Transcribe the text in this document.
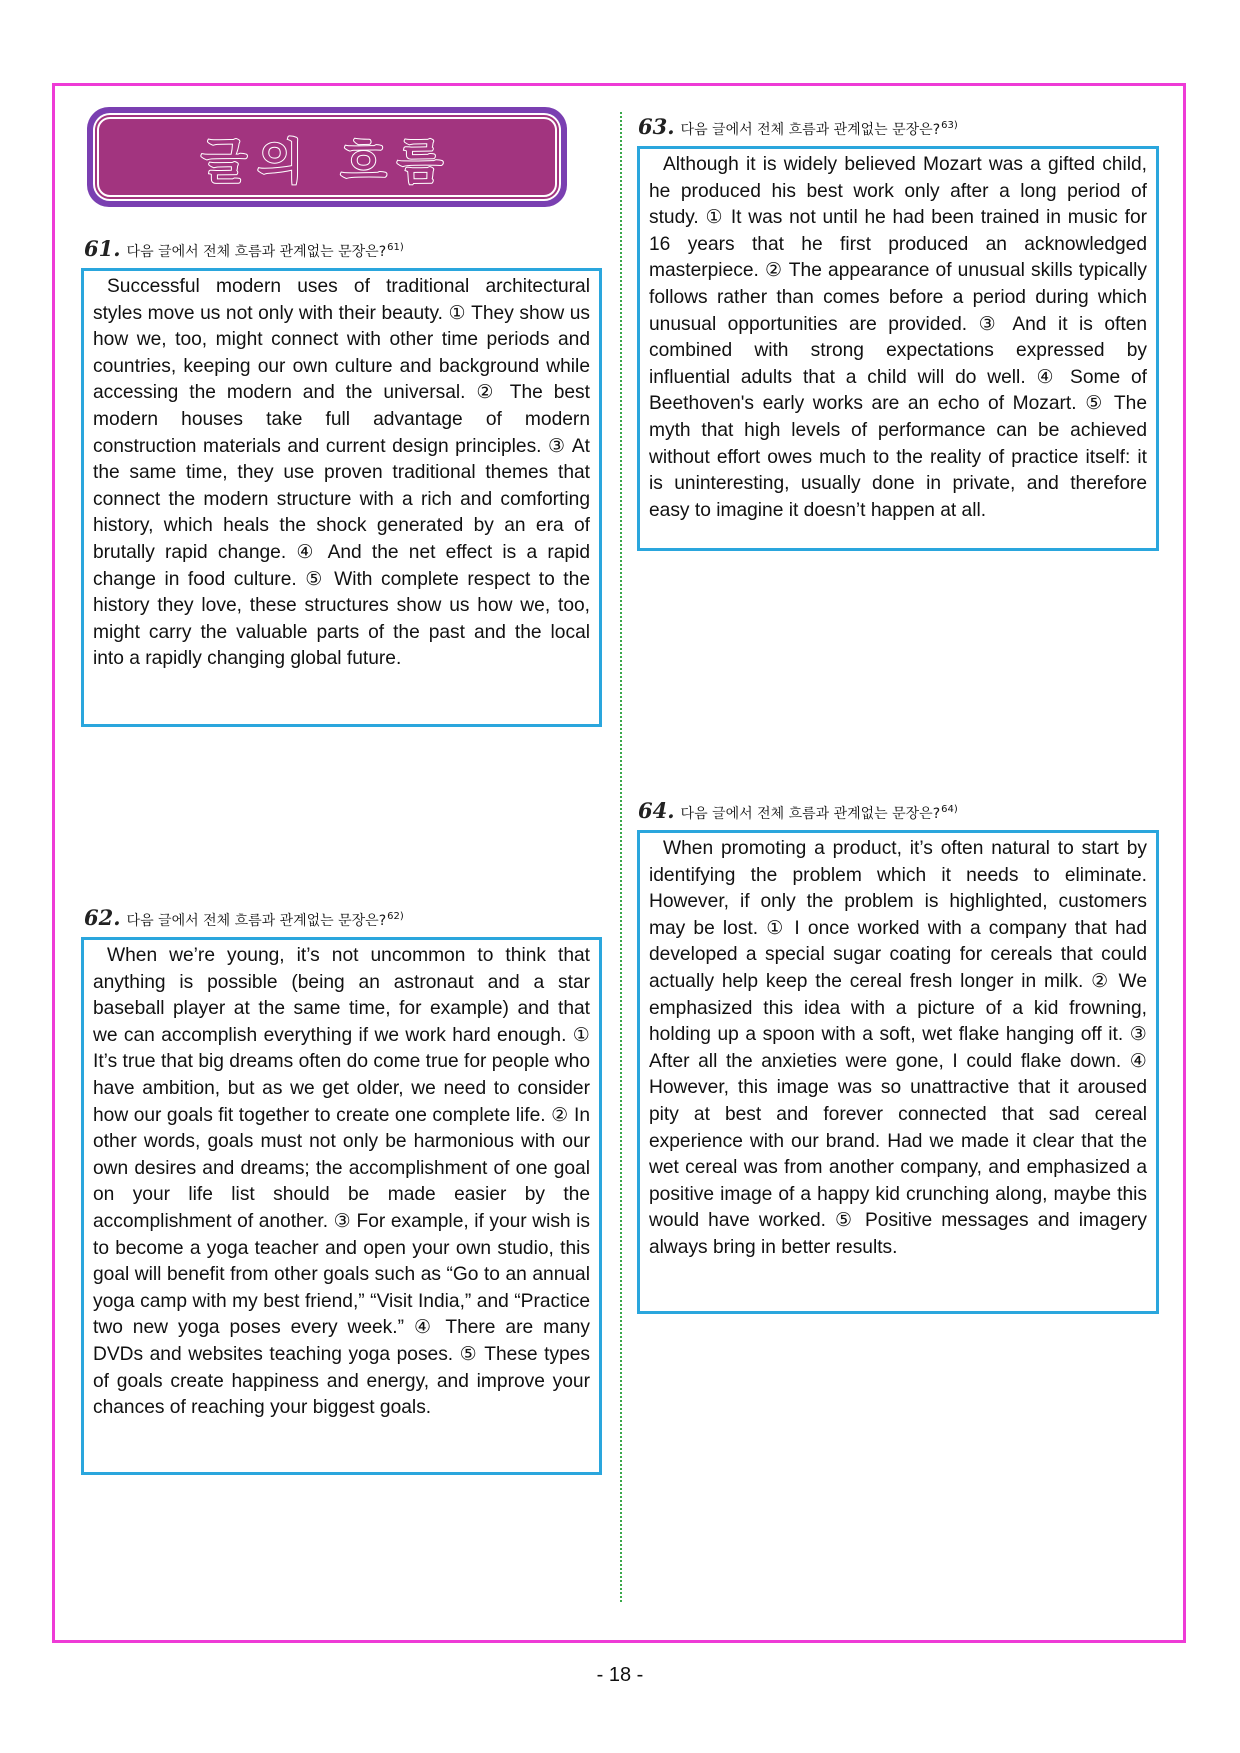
글의 흐름
61. 다음 글에서 전체 흐름과 관계없는 문장은? 61)

Successful modern uses of traditional architectural styles move us not only with their beauty. ① They show us how we, too, might connect with other time periods and countries, keeping our own culture and background while accessing the modern and the universal. ② The best modern houses take full advantage of modern construction materials and current design principles. ③ At the same time, they use proven traditional themes that connect the modern structure with a rich and comforting history, which heals the shock generated by an era of brutally rapid change. ④ And the net effect is a rapid change in food culture. ⑤ With complete respect to the history they love, these structures show us how we, too, might carry the valuable parts of the past and the local into a rapidly changing global future.

62. 다음 글에서 전체 흐름과 관계없는 문장은? 62)

When we’re young, it’s not uncommon to think that anything is possible (being an astronaut and a star baseball player at the same time, for example) and that we can accomplish everything if we work hard enough. ① It’s true that big dreams often do come true for people who have ambition, but as we get older, we need to consider how our goals fit together to create one complete life. ② In other words, goals must not only be harmonious with our own desires and dreams; the accomplishment of one goal on your life list should be made easier by the accomplishment of another. ③ For example, if your wish is to become a yoga teacher and open your own studio, this goal will benefit from other goals such as “Go to an annual yoga camp with my best friend,” “Visit India,” and “Practice two new yoga poses every week.” ④ There are many DVDs and websites teaching yoga poses. ⑤ These types of goals create happiness and energy, and improve your chances of reaching your biggest goals.

63. 다음 글에서 전체 흐름과 관계없는 문장은? 63)

Although it is widely believed Mozart was a gifted child, he produced his best work only after a long period of study. ① It was not until he had been trained in music for 16 years that he first produced an acknowledged masterpiece. ② The appearance of unusual skills typically follows rather than comes before a period during which unusual opportunities are provided. ③ And it is often combined with strong expectations expressed by influential adults that a child will do well. ④ Some of Beethoven's early works are an echo of Mozart. ⑤ The myth that high levels of performance can be achieved without effort owes much to the reality of practice itself: it is uninteresting, usually done in private, and therefore easy to imagine it doesn’t happen at all.

64. 다음 글에서 전체 흐름과 관계없는 문장은? 64)

When promoting a product, it’s often natural to start by identifying the problem which it needs to eliminate. However, if only the problem is highlighted, customers may be lost. ① I once worked with a company that had developed a special sugar coating for cereals that could actually help keep the cereal fresh longer in milk. ② We emphasized this idea with a picture of a kid frowning, holding up a spoon with a soft, wet flake hanging off it. ③ After all the anxieties were gone, I could flake down. ④ However, this image was so unattractive that it aroused pity at best and forever connected that sad cereal experience with our brand. Had we made it clear that the wet cereal was from another company, and emphasized a positive image of a happy kid crunching along, maybe this would have worked. ⑤ Positive messages and imagery always bring in better results.

- 18 -
